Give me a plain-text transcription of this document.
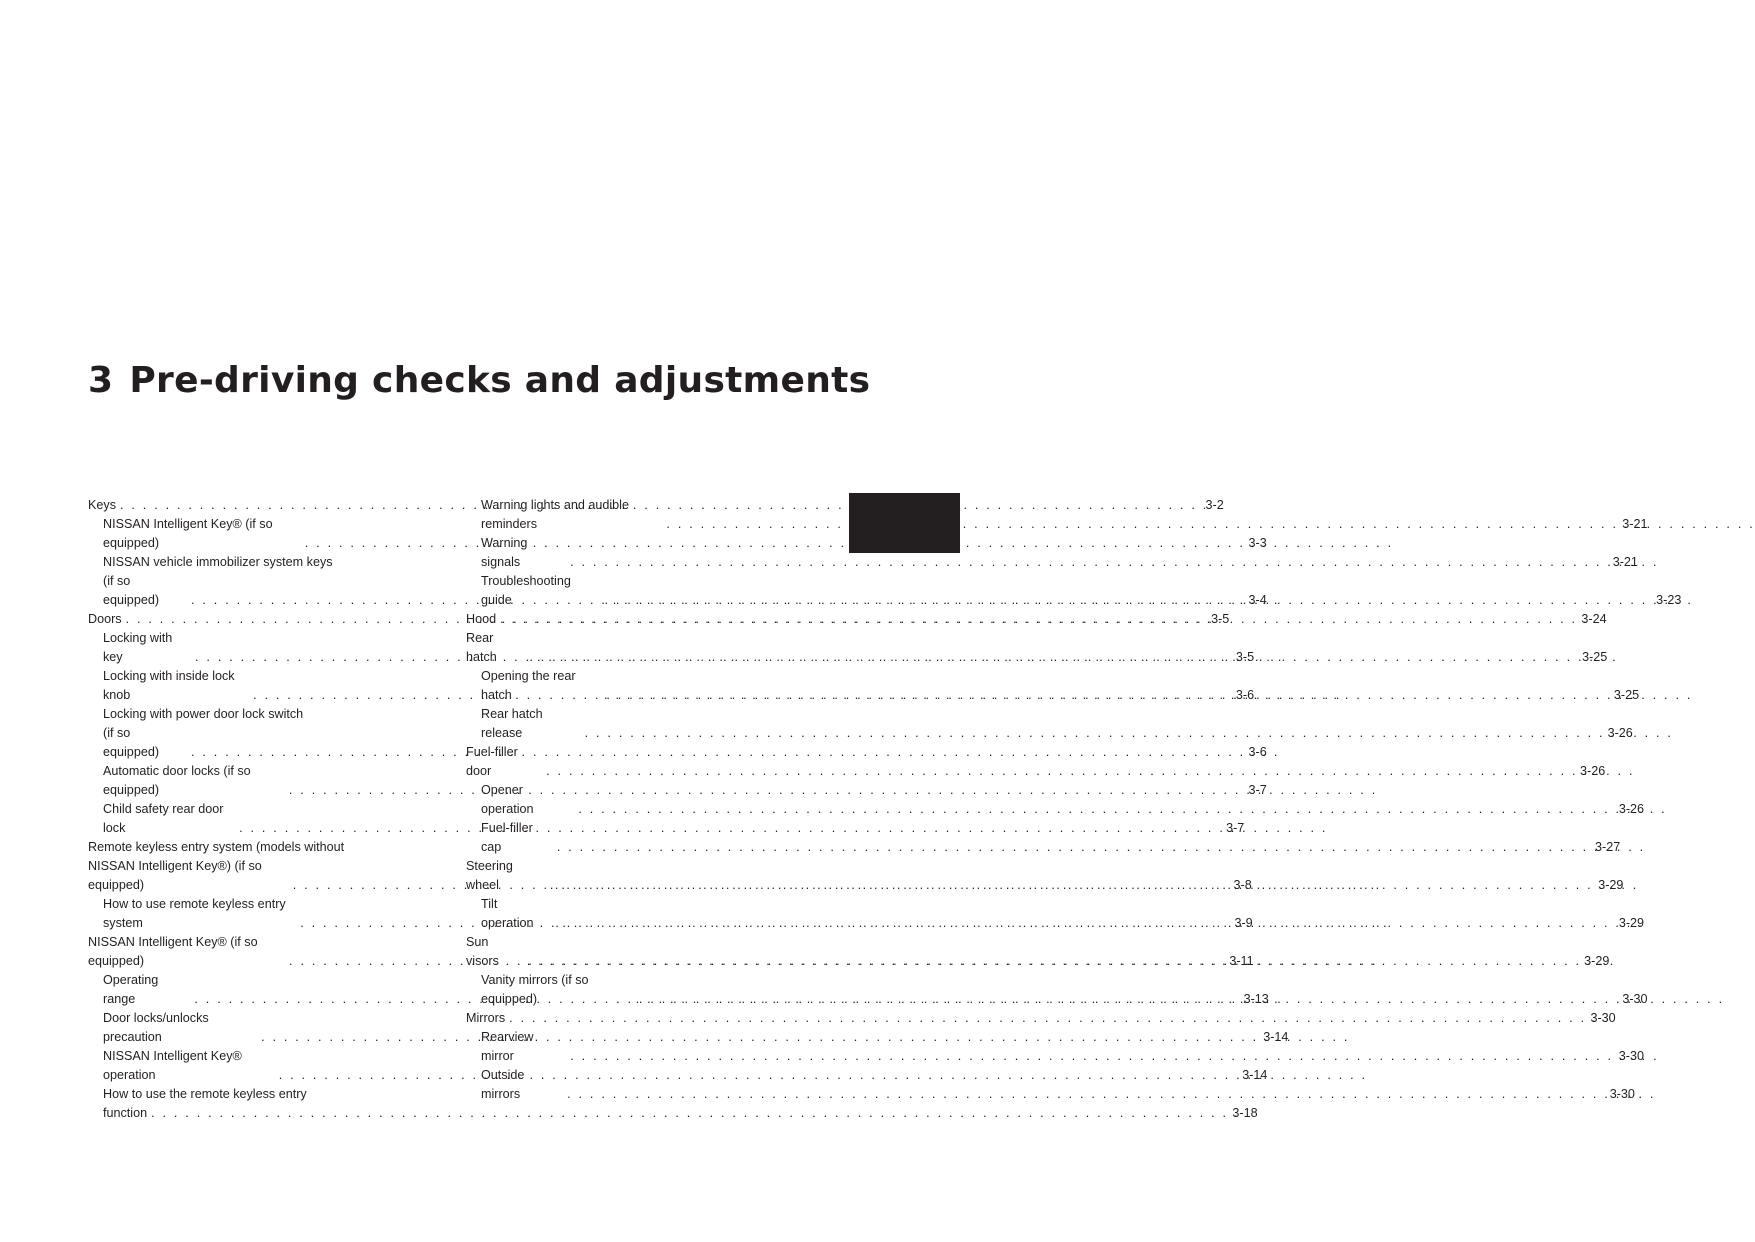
3 Pre-driving checks and adjustments
Keys . . .	3-2
NISSAN Intelligent Key® (if so equipped) . . .	3-3
NISSAN vehicle immobilizer system keys
(if so equipped) . . .	3-4
Doors . . .	3-5
Locking with key . . .	3-5
Locking with inside lock knob . . .	3-6
Locking with power door lock switch
(if so equipped) . . .	3-6
Automatic door locks (if so equipped) . . .	3-7
Child safety rear door lock . . .	3-7
Remote keyless entry system (models without
NISSAN Intelligent Key®) (if so equipped) . . .	3-8
How to use remote keyless entry system . . .	3-9
NISSAN Intelligent Key® (if so equipped) . . .	3-11
Operating range . . .	3-13
Door locks/unlocks precaution . . .	3-14
NISSAN Intelligent Key® operation . . .	3-14
How to use the remote keyless entry
function . . .	3-18
Warning lights and audible reminders . . .	3-21
Warning signals . . .	3-21
Troubleshooting guide . . .	3-23
Hood . . .	3-24
Rear hatch . . .	3-25
Opening the rear hatch . . .	3-25
Rear hatch release . . .	3-26
Fuel-filler door . . .	3-26
Opener operation . . .	3-26
Fuel-filler cap . . .	3-27
Steering wheel . . .	3-29
Tilt operation . . .	3-29
Sun visors . . .	3-29
Vanity mirrors (if so equipped) . . .	3-30
Mirrors . . .	3-30
Rearview mirror . . .	3-30
Outside mirrors . . .	3-30
